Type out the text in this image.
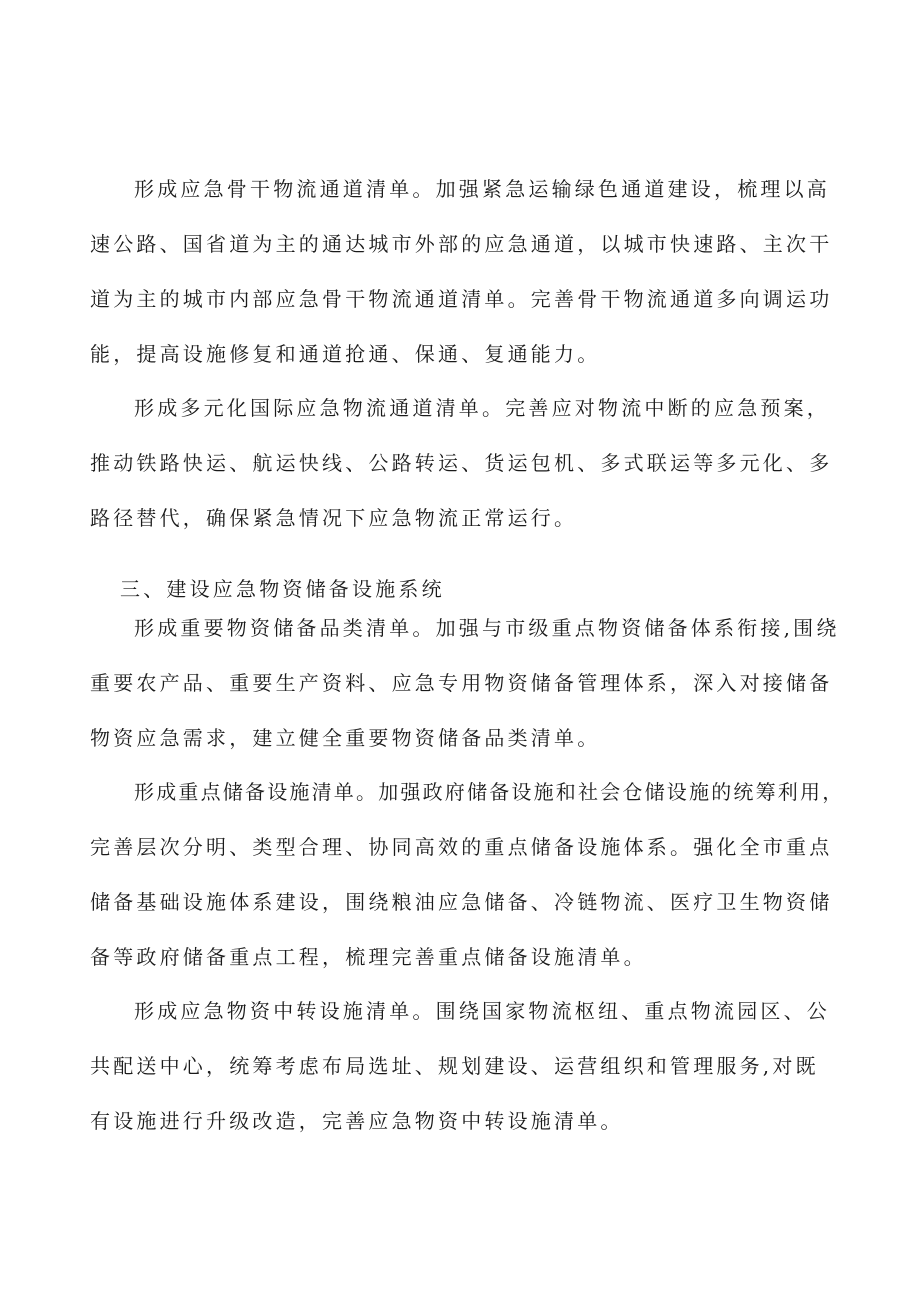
形成应急骨干物流通道清单。加强紧急运输绿色通道建设，梳理以高
速公路、国省道为主的通达城市外部的应急通道，以城市快速路、主次干
道为主的城市内部应急骨干物流通道清单。完善骨干物流通道多向调运功
能，提高设施修复和通道抢通、保通、复通能力。
形成多元化国际应急物流通道清单。完善应对物流中断的应急预案，
推动铁路快运、航运快线、公路转运、货运包机、多式联运等多元化、多
路径替代，确保紧急情况下应急物流正常运行。
三、建设应急物资储备设施系统
形成重要物资储备品类清单。加强与市级重点物资储备体系衔接,围绕
重要农产品、重要生产资料、应急专用物资储备管理体系，深入对接储备
物资应急需求，建立健全重要物资储备品类清单。
形成重点储备设施清单。加强政府储备设施和社会仓储设施的统筹利用，
完善层次分明、类型合理、协同高效的重点储备设施体系。强化全市重点
储备基础设施体系建设，围绕粮油应急储备、冷链物流、医疗卫生物资储
备等政府储备重点工程，梳理完善重点储备设施清单。
形成应急物资中转设施清单。围绕国家物流枢纽、重点物流园区、公
共配送中心，统筹考虑布局选址、规划建设、运营组织和管理服务,对既
有设施进行升级改造，完善应急物资中转设施清单。
